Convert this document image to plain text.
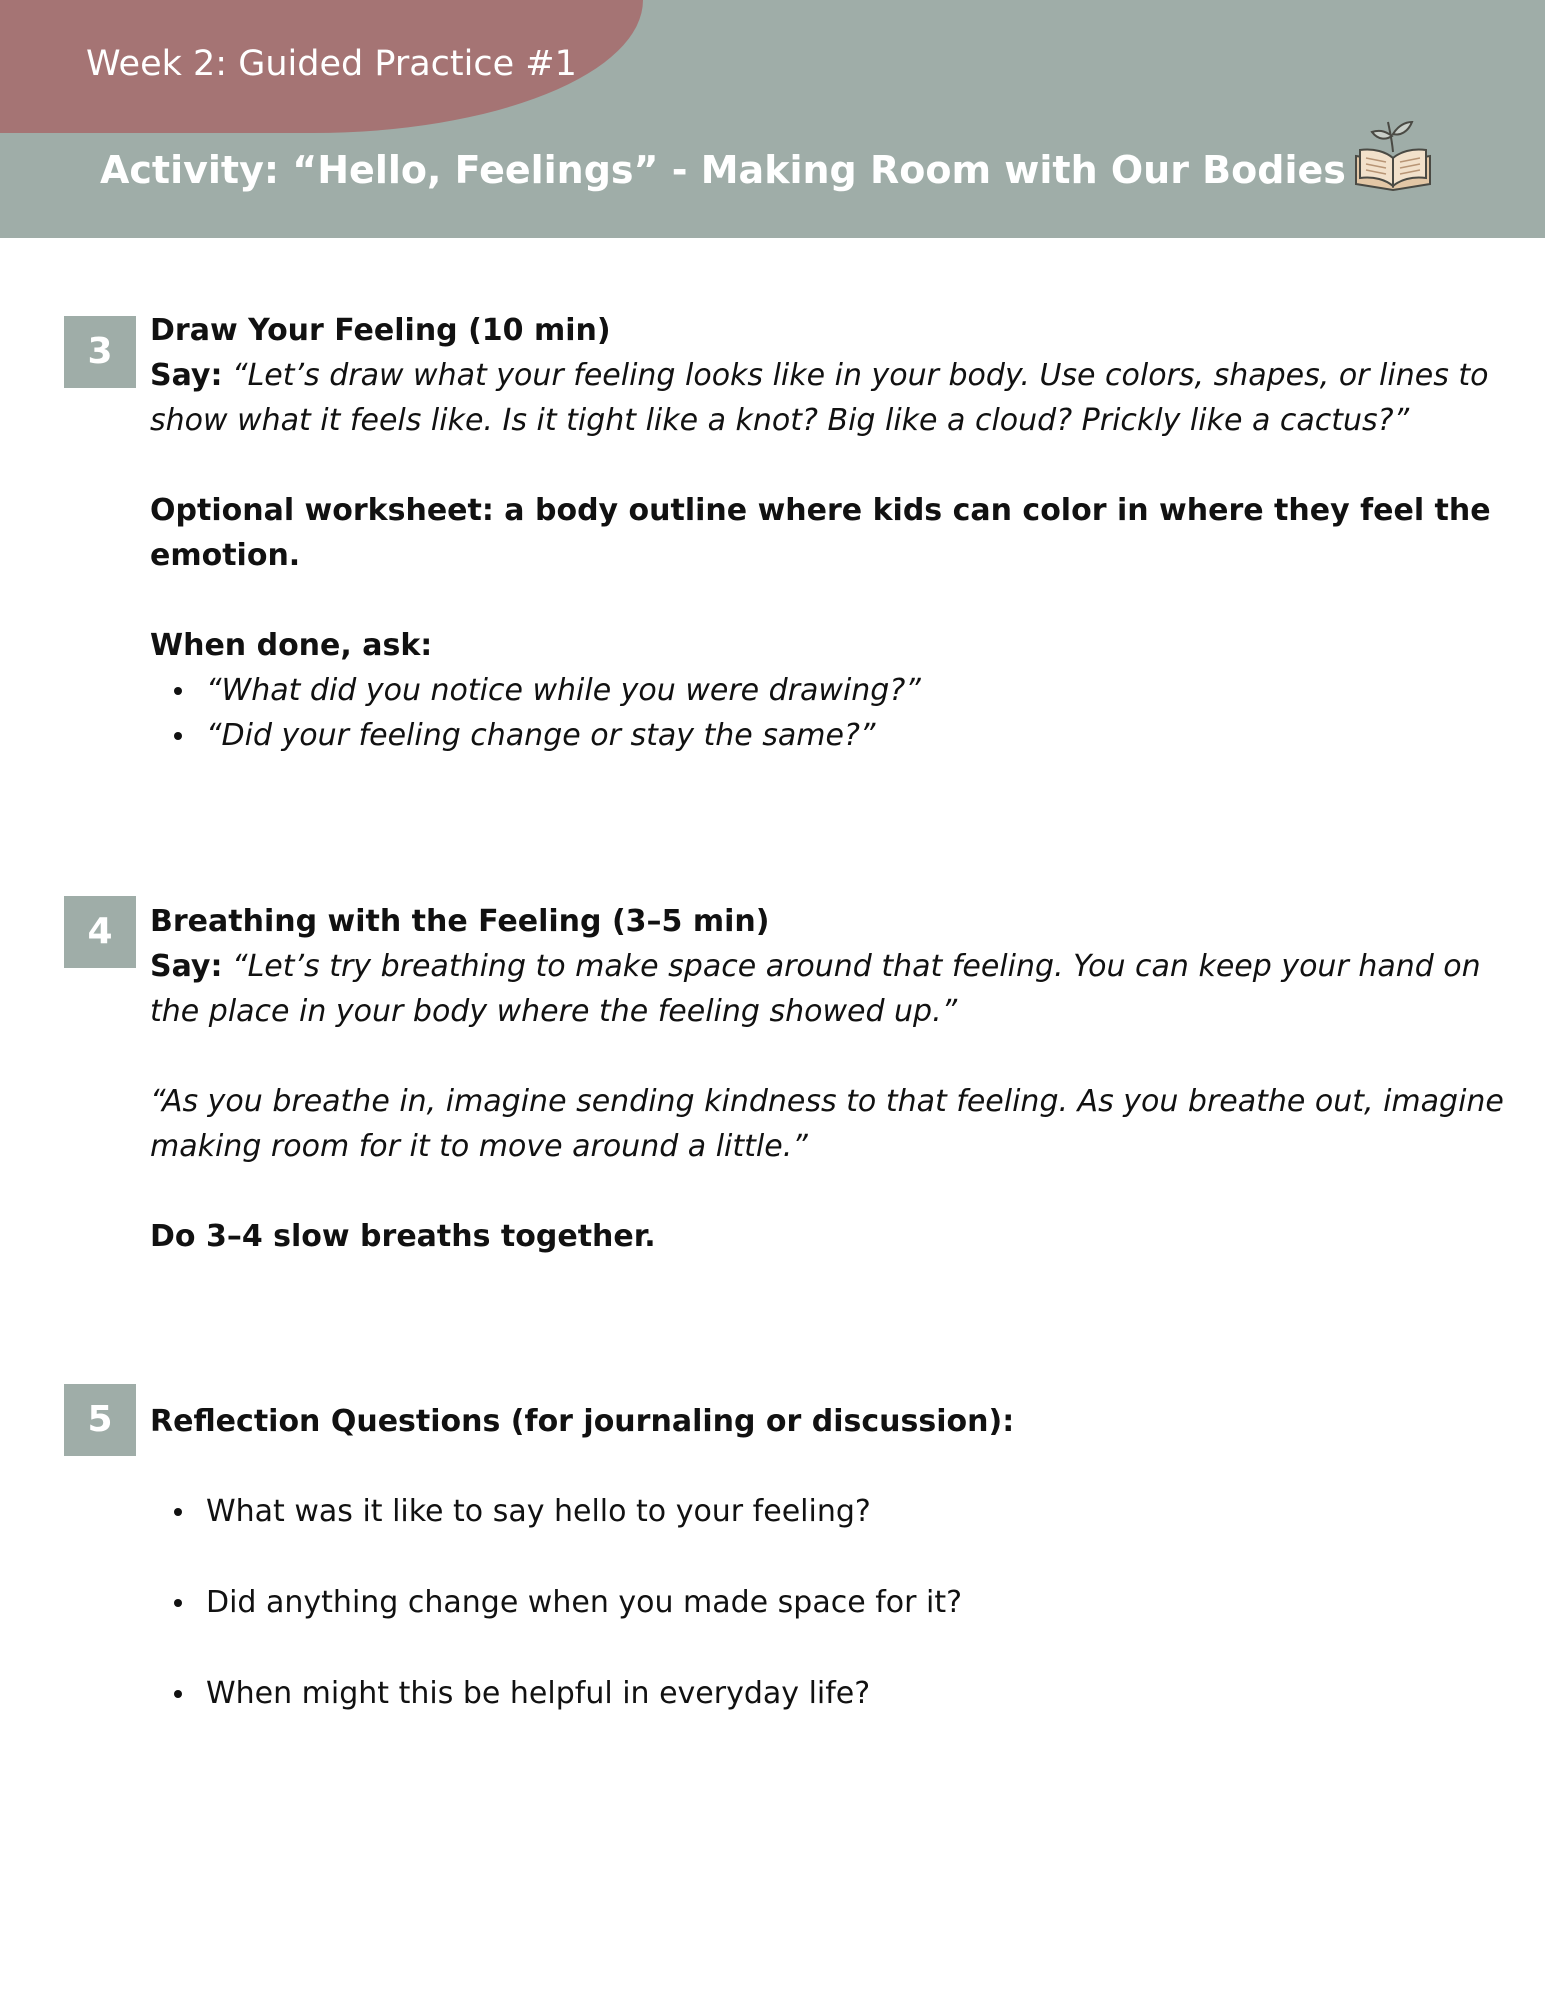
Week 2: Guided Practice #1
Activity: “Hello, Feelings” - Making Room with Our Bodies
3

Draw Your Feeling (10 min)

Say: “Let’s draw what your feeling looks like in your body. Use colors, shapes, or lines to show what it feels like. Is it tight like a knot? Big like a cloud? Prickly like a cactus?”

Optional worksheet: a body outline where kids can color in where they feel the emotion.

When done, ask:

“What did you notice while you were drawing?”
“Did your feeling change or stay the same?”
4	Breathing with the Feeling (3–5 min)

Say: “Let’s try breathing to make space around that feeling. You can keep your hand on the place in your body where the feeling showed up.”

“As you breathe in, imagine sending kindness to that feeling. As you breathe out, imagine making room for it to move around a little.”

Do 3–4 slow breaths together.

5	Reflection Questions (for journaling or discussion):

What was it like to say hello to your feeling?
Did anything change when you made space for it?
When might this be helpful in everyday life?
